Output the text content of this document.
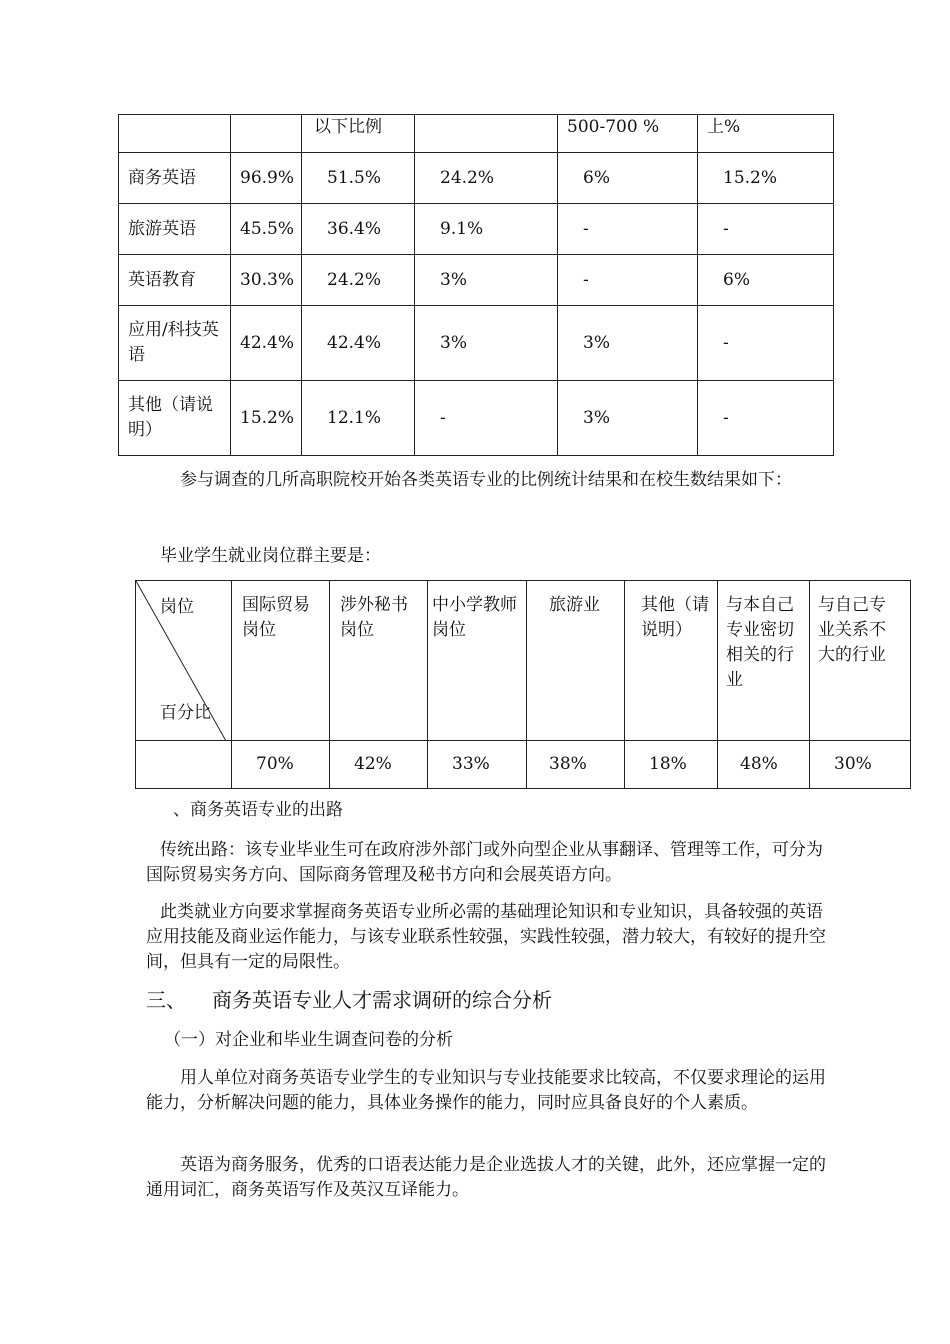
		以下比例		500-700 %	上%
商务英语	96.9%	51.5%	24.2%	6%	15.2%
旅游英语	45.5%	36.4%	9.1%	-	-
英语教育	30.3%	24.2%	3%	-	6%
应用/科技英语	42.4%	42.4%	3%	3%	-
其他（请说明）	15.2%	12.1%	-	3%	-
参与调查的几所高职院校开始各类英语专业的比例统计结果和在校生数结果如下：
毕业学生就业岗位群主要是：
岗位
百分比	国际贸易岗位	涉外秘书岗位	中小学教师岗位	旅游业	其他（请说明）	与本自己专业密切相关的行业	与自己专业关系不大的行业
	70%	42%	33%	38%	18%	48%	30%
、商务英语专业的出路
传统出路：该专业毕业生可在政府涉外部门或外向型企业从事翻译、管理等工作，可分为国际贸易实务方向、国际商务管理及秘书方向和会展英语方向。
此类就业方向要求掌握商务英语专业所必需的基础理论知识和专业知识，具备较强的英语应用技能及商业运作能力，与该专业联系性较强，实践性较强，潜力较大，有较好的提升空间，但具有一定的局限性。
三、 商务英语专业人才需求调研的综合分析
（一）对企业和毕业生调查问卷的分析
用人单位对商务英语专业学生的专业知识与专业技能要求比较高，不仅要求理论的运用能力，分析解决问题的能力，具体业务操作的能力，同时应具备良好的个人素质。
英语为商务服务，优秀的口语表达能力是企业选拔人才的关键，此外，还应掌握一定的通用词汇，商务英语写作及英汉互译能力。
